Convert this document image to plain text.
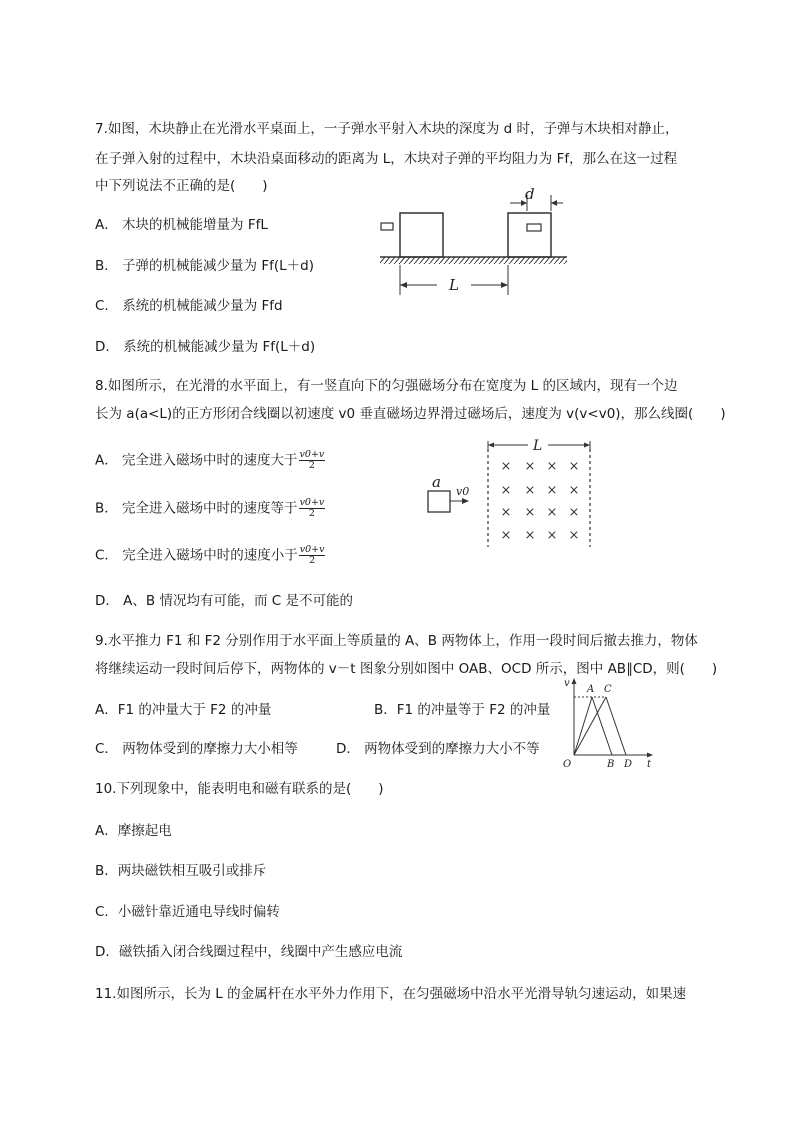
7.如图，木块静止在光滑水平桌面上，一子弹水平射入木块的深度为 d 时，子弹与木块相对静止，
在子弹入射的过程中，木块沿桌面移动的距离为 L，木块对子弹的平均阻力为 Ff，那么在这一过程
中下列说法不正确的是(　　)
A． 木块的机械能增量为 FfL
B． 子弹的机械能减少量为 Ff(L＋d)
C． 系统的机械能减少量为 Ffd
D． 系统的机械能减少量为 Ff(L＋d)
d
L
8.如图所示，在光滑的水平面上，有一竖直向下的匀强磁场分布在宽度为 L 的区域内，现有一个边
长为 a(a<L)的正方形闭合线圈以初速度 v0 垂直磁场边界滑过磁场后，速度为 v(v<v0)，那么线圈(　　)
A． 完全进入磁场中时的速度大于 $\frac{v0+v}{2}$
B． 完全进入磁场中时的速度等于 $\frac{v0+v}{2}$
C． 完全进入磁场中时的速度小于 $\frac{v0+v}{2}$
D． A、B 情况均有可能，而 C 是不可能的
L
× × × ×
× × × ×
× × × ×
× × × ×
a
v0
9.水平推力 F1 和 F2 分别作用于水平面上等质量的 A、B 两物体上，作用一段时间后撤去推力，物体
将继续运动一段时间后停下，两物体的 v－t 图象分别如图中 OAB、OCD 所示，图中 AB∥CD，则(　　)
A．F1 的冲量大于 F2 的冲量	B．F1 的冲量等于 F2 的冲量
C． 两物体受到的摩擦力大小相等	D． 两物体受到的摩擦力大小不等
v
t
O
A C
B D
10.下列现象中，能表明电和磁有联系的是(　　)
A．摩擦起电
B．两块磁铁相互吸引或排斥
C．小磁针靠近通电导线时偏转
D．磁铁插入闭合线圈过程中，线圈中产生感应电流
11.如图所示，长为 L 的金属杆在水平外力作用下，在匀强磁场中沿水平光滑导轨匀速运动，如果速
